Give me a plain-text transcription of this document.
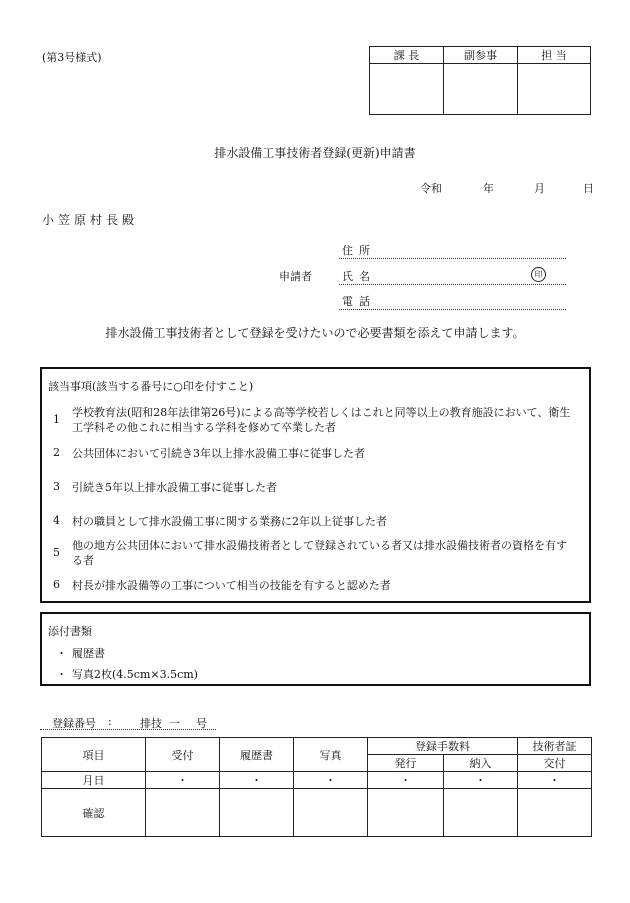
(第3号様式)	課 長	副参事	担 当

排水設備工事技術者登録(更新)申請書
令和	年	月	日
小笠原村長殿
住所
申請者	氏名	印
電話
排水設備工事技術者として登録を受けたいので必要書類を添えて申請します。
該当事項(該当する番号に○印を付すこと)
1
学校教育法(昭和28年法律第26号)による高等学校若しくはこれと同等以上の教育施設において、衛生工学科その他これに相当する学科を修めて卒業した者
2 公共団体において引続き3年以上排水設備工事に従事した者
3 引続き5年以上排水設備工事に従事した者
4 村の職員として排水設備工事に関する業務に2年以上従事した者
5
他の地方公共団体において排水設備技術者として登録されている者又は排水設備技術者の資格を有する者
6 村長が排水設備等の工事について相当の技能を有すると認めた者
添付書類
・ 履歴書
・ 写真2枚(4.5cm×3.5cm)
登録番号 :	排技 一 号
項目	受付	履歴書	写真	登録手数料		技術者証
				発行	納入	交付
月日	・	・	・	・	・	・
確認						
